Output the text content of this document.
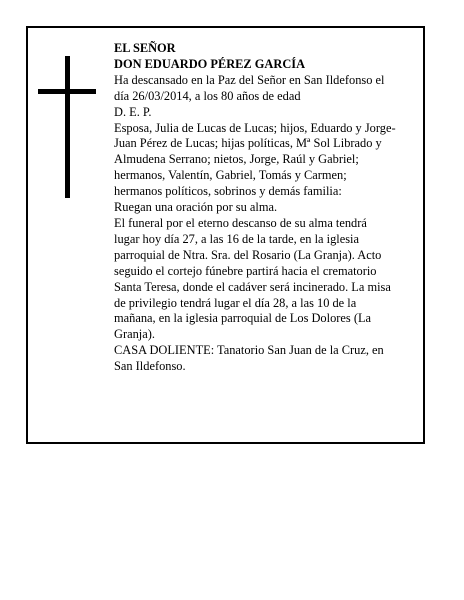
EL SEÑOR
DON EDUARDO PÉREZ GARCÍA
Ha descansado en la Paz del Señor en San Ildefonso el
día 26/03/2014, a los 80 años de edad
D. E. P.
Esposa, Julia de Lucas de Lucas; hijos, Eduardo y Jorge-
Juan Pérez de Lucas; hijas políticas, Mª Sol Librado y
Almudena Serrano; nietos, Jorge, Raúl y Gabriel;
hermanos, Valentín, Gabriel, Tomás y Carmen;
hermanos políticos, sobrinos y demás familia:
Ruegan una oración por su alma.
El funeral por el eterno descanso de su alma tendrá
lugar hoy día 27, a las 16 de la tarde, en la iglesia
parroquial de Ntra. Sra. del Rosario (La Granja). Acto
seguido el cortejo fúnebre partirá hacia el crematorio
Santa Teresa, donde el cadáver será incinerado. La misa
de privilegio tendrá lugar el día 28, a las 10 de la
mañana, en la iglesia parroquial de Los Dolores (La
Granja).
CASA DOLIENTE: Tanatorio San Juan de la Cruz, en
San Ildefonso.
